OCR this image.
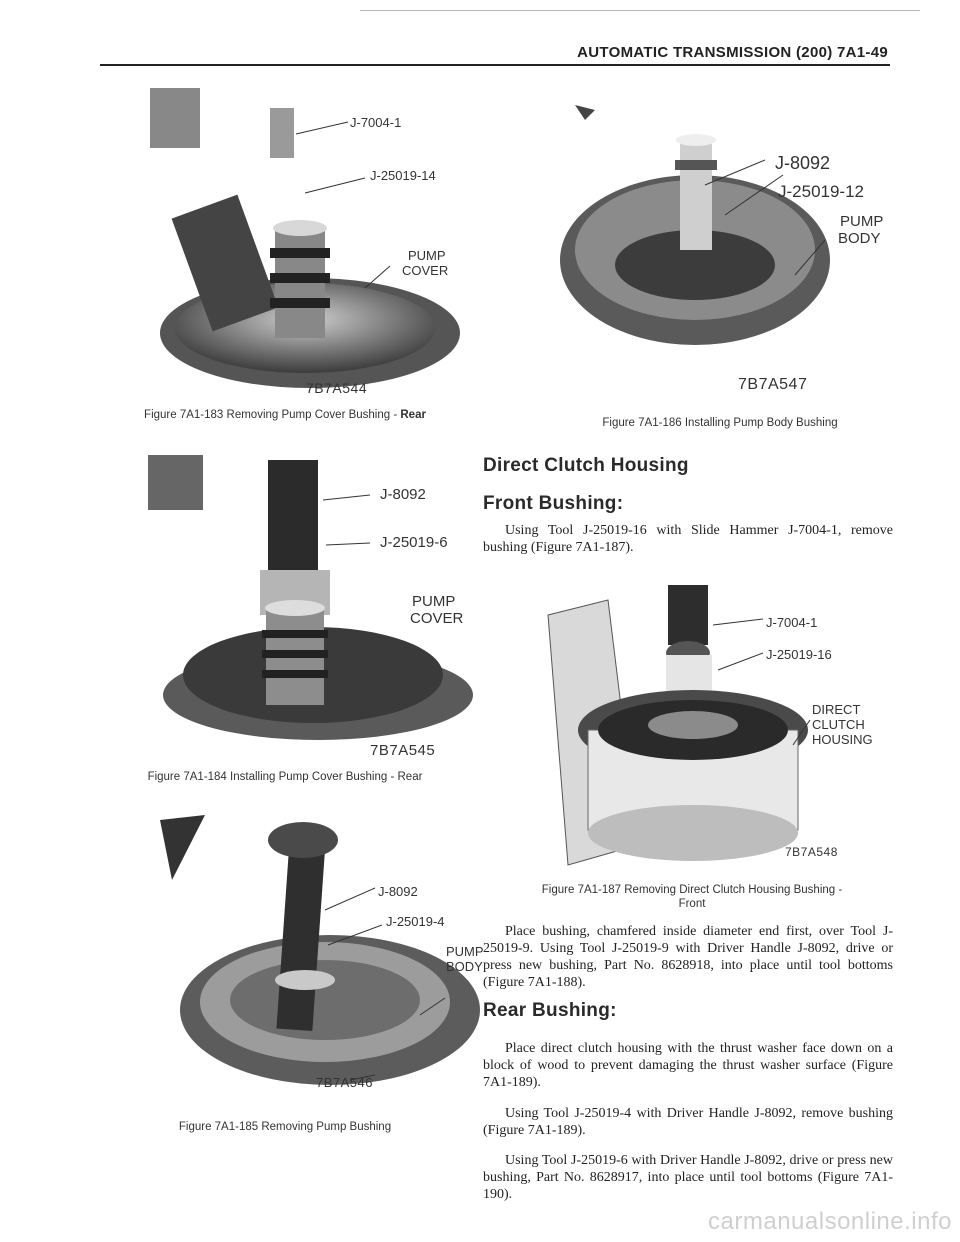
AUTOMATIC TRANSMISSION (200) 7A1-49
J-7004-1
J-25019-14
PUMP
COVER
7B7A544
Figure 7A1-183 Removing Pump Cover Bushing - Rear
J-8092
J-25019-6
PUMP
COVER
7B7A545
Figure 7A1-184 Installing Pump Cover Bushing - Rear
J-8092
J-25019-4
PUMP
BODY
7B7A546
Figure 7A1-185 Removing Pump Bushing
J-8092
J-25019-12
PUMP
BODY
7B7A547
Figure 7A1-186 Installing Pump Body Bushing
Direct Clutch Housing
Front Bushing:

Using Tool J-25019-16 with Slide Hammer J-7004-1, remove bushing (Figure 7A1-187).

J-7004-1
J-25019-16
DIRECT
CLUTCH
HOUSING
7B7A548
Figure 7A1-187 Removing Direct Clutch Housing Bushing -
Front

Place bushing, chamfered inside diameter end first, over Tool J-25019-9. Using Tool J-25019-9 with Driver Handle J-8092, drive or press new bushing, Part No. 8628918, into place until tool bottoms (Figure 7A1-188).

Rear Bushing:

Place direct clutch housing with the thrust washer face down on a block of wood to prevent damaging the thrust washer surface (Figure 7A1-189).

Using Tool J-25019-4 with Driver Handle J-8092, remove bushing (Figure 7A1-189).

Using Tool J-25019-6 with Driver Handle J-8092, drive or press new bushing, Part No. 8628917, into place until tool bottoms (Figure 7A1-190).

carmanualsonline.info
